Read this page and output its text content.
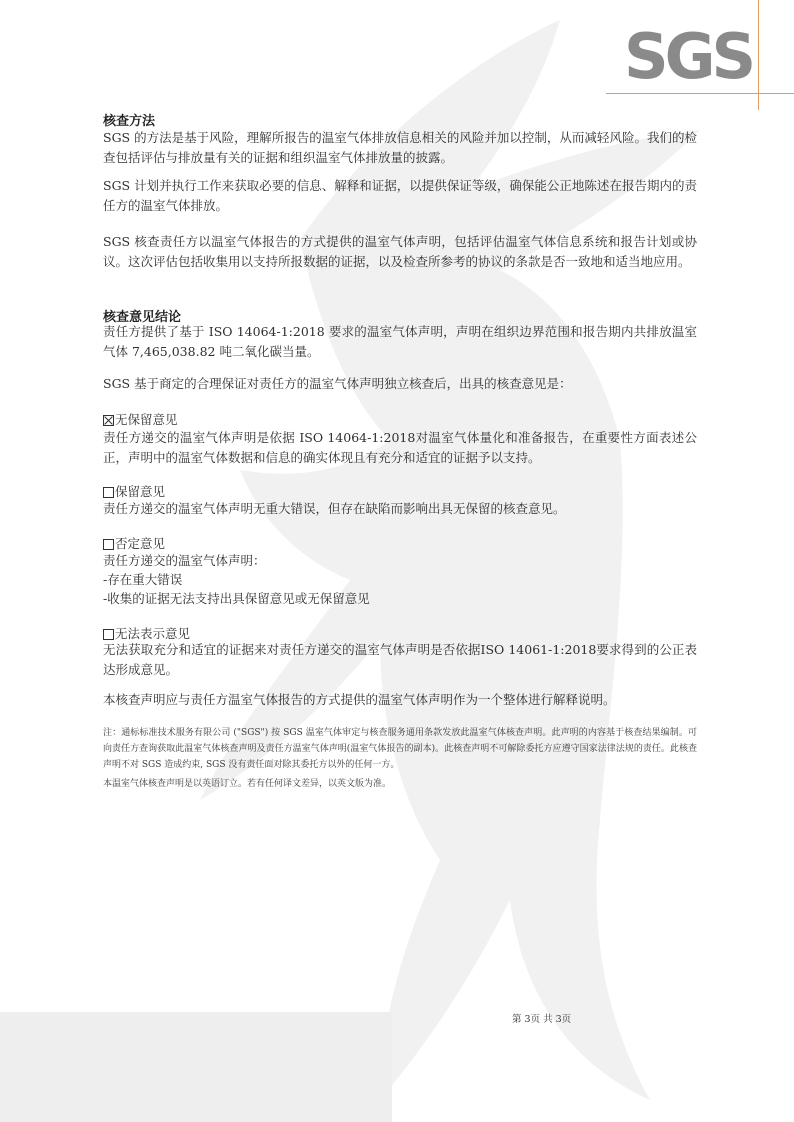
SGS
核查方法
SGS 的方法是基于风险，理解所报告的温室气体排放信息相关的风险并加以控制，从而减轻风险。我们的检查包括评估与排放量有关的证据和组织温室气体排放量的披露。
SGS 计划并执行工作来获取必要的信息、解释和证据，以提供保证等级，确保能公正地陈述在报告期内的责任方的温室气体排放。
SGS 核查责任方以温室气体报告的方式提供的温室气体声明，包括评估温室气体信息系统和报告计划或协议。这次评估包括收集用以支持所报数据的证据，以及检查所参考的协议的条款是否一致地和适当地应用。
核查意见结论
责任方提供了基于 ISO 14064-1:2018 要求的温室气体声明，声明在组织边界范围和报告期内共排放温室气体 7,465,038.82 吨二氧化碳当量。
SGS 基于商定的合理保证对责任方的温室气体声明独立核查后，出具的核查意见是：
无保留意见
责任方递交的温室气体声明是依据 ISO 14064-1:2018对温室气体量化和准备报告，在重要性方面表述公正，声明中的温室气体数据和信息的确实体现且有充分和适宜的证据予以支持。
保留意见
责任方递交的温室气体声明无重大错误，但存在缺陷而影响出具无保留的核查意见。
否定意见
责任方递交的温室气体声明：
-存在重大错误
-收集的证据无法支持出具保留意见或无保留意见
无法表示意见
无法获取充分和适宜的证据来对责任方递交的温室气体声明是否依据ISO 14061-1:2018要求得到的公正表达形成意见。
本核查声明应与责任方温室气体报告的方式提供的温室气体声明作为一个整体进行解释说明。
注：通标标准技术服务有限公司 ("SGS") 按 SGS 温室气体审定与核查服务通用条款发放此温室气体核查声明。此声明的内容基于核查结果编制。可向责任方查询获取此温室气体核查声明及责任方温室气体声明(温室气体报告的副本)。此核查声明不可解除委托方应遵守国家法律法规的责任。此核查声明不对 SGS 造成约束, SGS 没有责任面对除其委托方以外的任何一方。
本温室气体核查声明是以英语订立。若有任何译文差异，以英文版为准。
第 3页 共 3页
